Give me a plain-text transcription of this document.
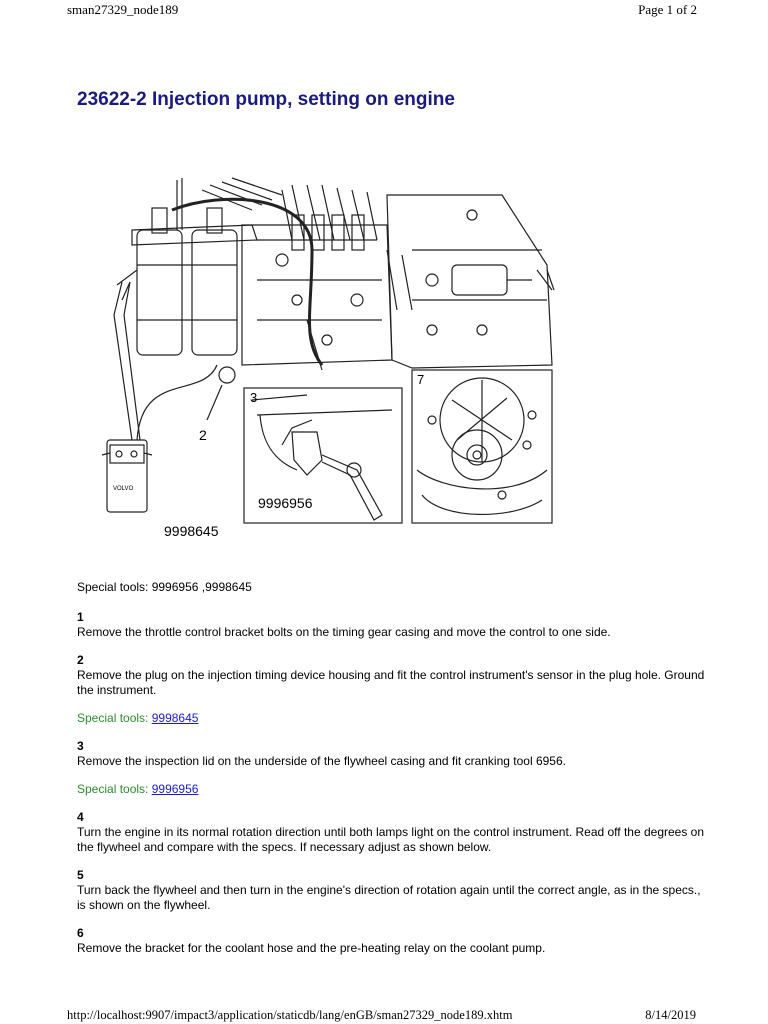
sman27329_node189	Page 1 of 2
23622-2 Injection pump, setting on engine
2
3
7
9996956
9998645
VOLVO

Special tools: 9996956 ,9998645

1
Remove the throttle control bracket bolts on the timing gear casing and move the control to one side.
2
Remove the plug on the injection timing device housing and fit the control instrument's sensor in the plug hole. Ground the instrument.
Special tools: 9998645
3
Remove the inspection lid on the underside of the flywheel casing and fit cranking tool 6956.
Special tools: 9996956
4
Turn the engine in its normal rotation direction until both lamps light on the control instrument. Read off the degrees on the flywheel and compare with the specs. If necessary adjust as shown below.
5
Turn back the flywheel and then turn in the engine's direction of rotation again until the correct angle, as in the specs., is shown on the flywheel.
6
Remove the bracket for the coolant hose and the pre-heating relay on the coolant pump.
http://localhost:9907/impact3/application/staticdb/lang/enGB/sman27329_node189.xhtm	8/14/2019
